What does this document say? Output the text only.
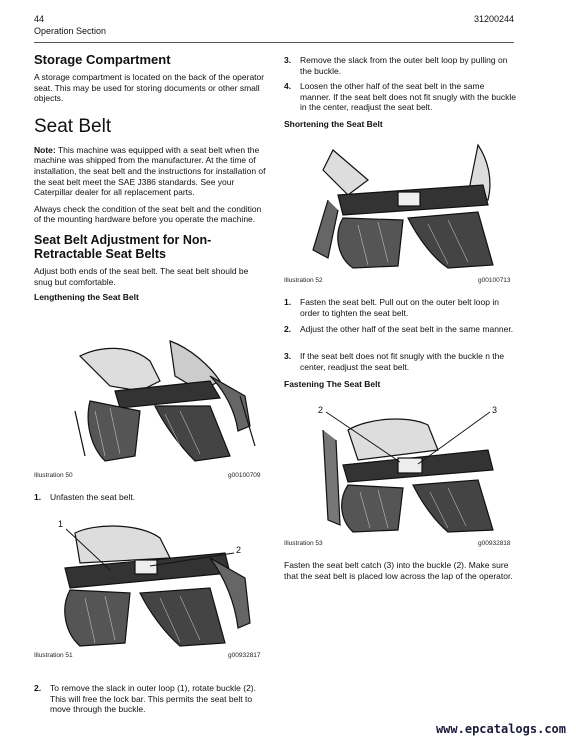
44
Operation Section
31200244
Storage Compartment

A storage compartment is located on the back of the operator seat. This may be used for storing documents or other small objects.

Seat Belt

Note: This machine was equipped with a seat belt when the machine was shipped from the manufacturer. At the time of installation, the seat belt and the instructions for installation of the seat belt meet the SAE J386 standards. See your Caterpillar dealer for all replacement parts.

Always check the condition of the seat belt and the condition of the mounting hardware before you operate the machine.

Seat Belt Adjustment for Non-Retractable Seat Belts

Adjust both ends of the seat belt. The seat belt should be snug but comfortable.

Lengthening the Seat Belt
Illustration 50	g00100709
1.	Unfasten the seat belt.
1
2
Illustration 51	g00932817
2.	To remove the slack in outer loop (1), rotate buckle (2). This will free the lock bar. This permits the seat belt to move through the buckle.
3.	Remove the slack from the outer belt loop by pulling on the buckle.
4.	Loosen the other half of the seat belt in the same manner. If the seat belt does not fit snugly with the buckle in the center, readjust the seat belt.
Shortening the Seat Belt
Illustration 52	g00100713
1.	Fasten the seat belt. Pull out on the outer belt loop in order to tighten the seat belt.
2.	Adjust the other half of the seat belt in the same manner.
3.	If the seat belt does not fit snugly with the buckle n the center, readjust the seat belt.
Fastening The Seat Belt
2	3
Illustration 53	g00932818

Fasten the seat belt catch (3) into the buckle (2). Make sure that the seat belt is placed low across the lap of the operator.

www.epcatalogs.com
